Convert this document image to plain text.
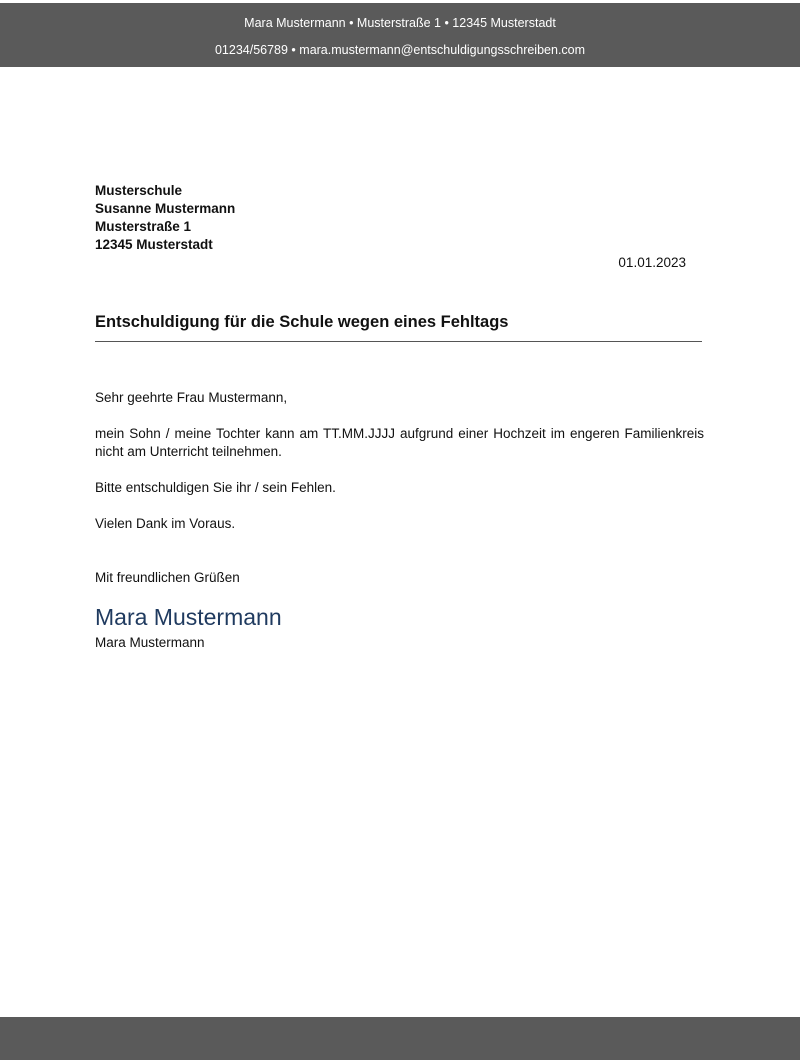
Mara Mustermann • Musterstraße 1 • 12345 Musterstadt
01234/56789 • mara.mustermann@entschuldigungsschreiben.com
Musterschule
Susanne Mustermann
Musterstraße 1
12345 Musterstadt
01.01.2023
Entschuldigung für die Schule wegen eines Fehltags
Sehr geehrte Frau Mustermann,
mein Sohn / meine Tochter kann am TT.MM.JJJJ aufgrund einer Hochzeit im engeren Familienkreis nicht am Unterricht teilnehmen.
Bitte entschuldigen Sie ihr / sein Fehlen.
Vielen Dank im Voraus.
Mit freundlichen Grüßen
Mara Mustermann
Mara Mustermann
